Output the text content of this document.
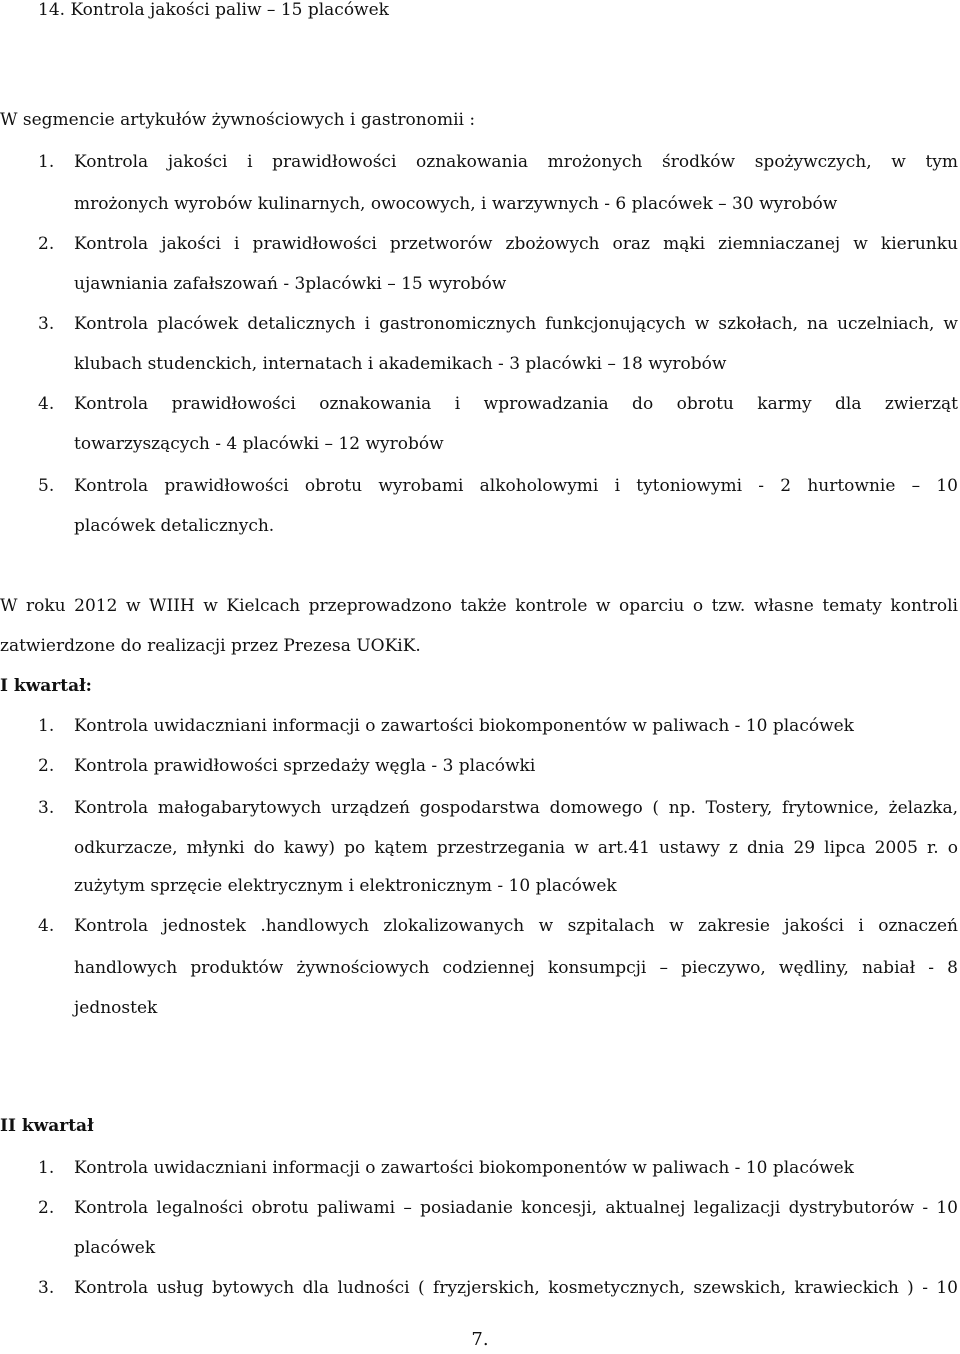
14. Kontrola jakości paliw – 15 placówek
W segmencie artykułów żywnościowych i gastronomii :
1. Kontrola jakości i prawidłowości oznakowania mrożonych środków spożywczych, w tym
mrożonych wyrobów kulinarnych, owocowych, i warzywnych - 6 placówek – 30 wyrobów
2. Kontrola jakości i prawidłowości przetworów zbożowych oraz mąki ziemniaczanej w kierunku
ujawniania zafałszowań - 3placówki – 15 wyrobów
3. Kontrola placówek detalicznych i gastronomicznych funkcjonujących w szkołach, na uczelniach, w
klubach studenckich, internatach i akademikach - 3 placówki – 18 wyrobów
4. Kontrola prawidłowości oznakowania i wprowadzania do obrotu karmy dla zwierząt
towarzyszących - 4 placówki – 12 wyrobów
5. Kontrola prawidłowości obrotu wyrobami alkoholowymi i tytoniowymi - 2 hurtownie – 10
placówek detalicznych.
W roku 2012 w WIIH w Kielcach przeprowadzono także kontrole w oparciu o tzw. własne tematy kontroli
zatwierdzone do realizacji przez Prezesa UOKiK.
I kwartał:
1. Kontrola uwidaczniani informacji o zawartości biokomponentów w paliwach - 10 placówek
2. Kontrola prawidłowości sprzedaży węgla - 3 placówki
3. Kontrola małogabarytowych urządzeń gospodarstwa domowego ( np. Tostery, frytownice, żelazka,
odkurzacze, młynki do kawy) po kątem przestrzegania w art.41 ustawy z dnia 29 lipca 2005 r. o
zużytym sprzęcie elektrycznym i elektronicznym - 10 placówek
4. Kontrola jednostek .handlowych zlokalizowanych w szpitalach w zakresie jakości i oznaczeń
handlowych produktów żywnościowych codziennej konsumpcji – pieczywo, wędliny, nabiał - 8
jednostek
II kwartał
1. Kontrola uwidaczniani informacji o zawartości biokomponentów w paliwach - 10 placówek
2. Kontrola legalności obrotu paliwami – posiadanie koncesji, aktualnej legalizacji dystrybutorów - 10
placówek
3. Kontrola usług bytowych dla ludności ( fryzjerskich, kosmetycznych, szewskich, krawieckich ) - 10
7.
